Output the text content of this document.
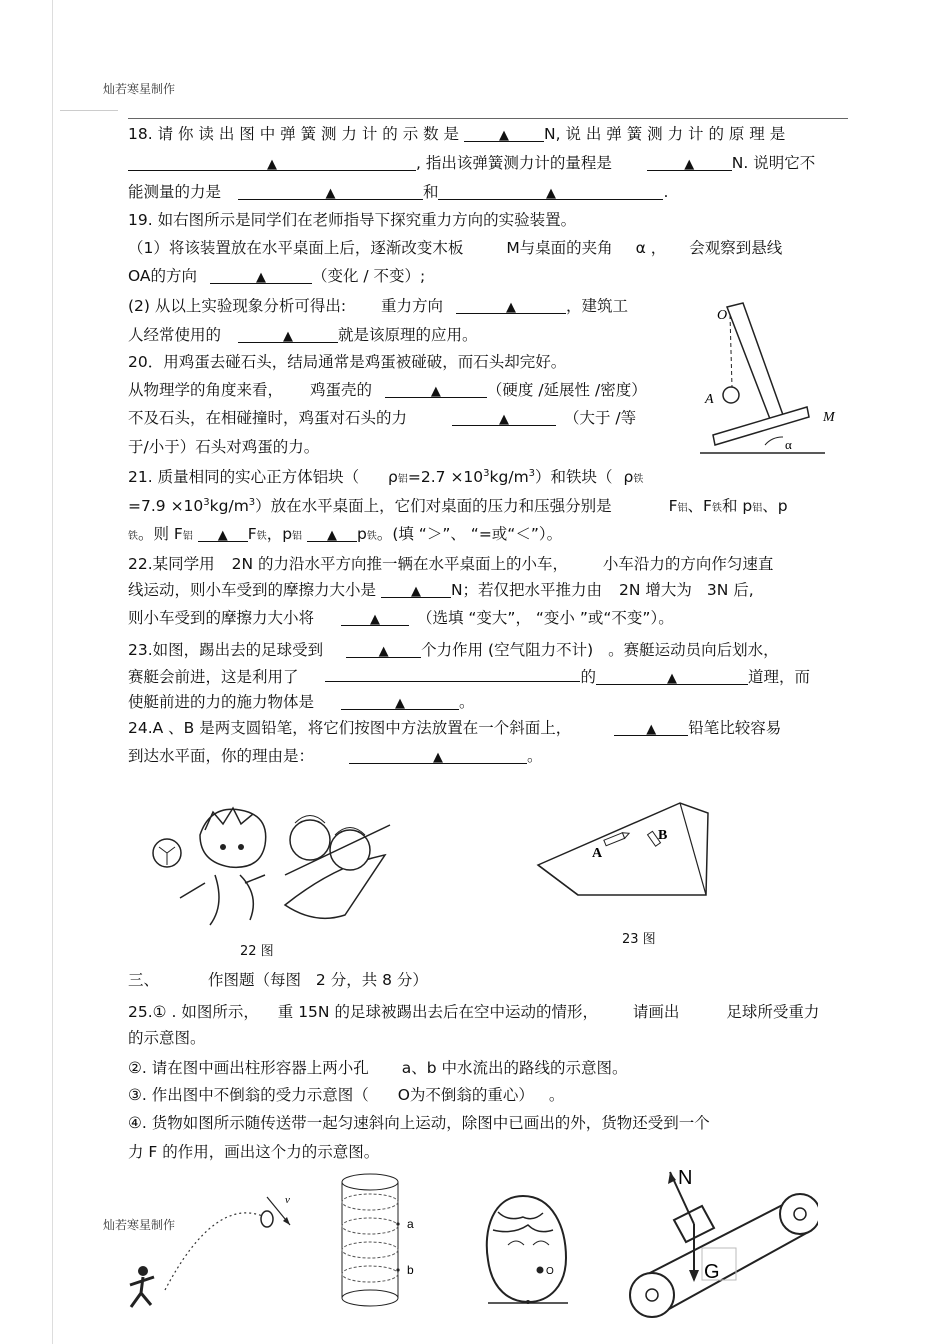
灿若寒星制作
18. 请 你 读 出 图 中 弹 簧 测 力 计 的 示 数 是	▲ N, 说 出 弹 簧 测 力 计 的 原 理 是
▲	, 指出该弹簧测力计的量程是	▲ N. 说明它不
能测量的力是	▲	和	▲	.
19. 如右图所示是同学们在老师指导下探究重力方向的实验装置。
（1）将该装置放在水平桌面上后，逐渐改变木板	M与桌面的夹角 α ， 会观察到悬线
OA的方向	▲	（变化 / 不变）;
(2) 从以上实验现象分析可得出: 重力方向	▲	，建筑工
人经常使用的	▲	就是该原理的应用。
O
A
M
α
20．用鸡蛋去碰石头，结局通常是鸡蛋被碰破，而石头却完好。
从物理学的角度来看， 鸡蛋壳的	▲	（硬度 /延展性 /密度）
不及石头，在相碰撞时，鸡蛋对石头的力	▲	（大于 /等
于/小于）石头对鸡蛋的力。
21. 质量相同的实心正方体铝块（ ρ铝$=2.7 \times 10^3kg/m^3$）和铁块（ ρ铁
$=7.9 \times 10^3kg/m^3$）放在水平桌面上，它们对桌面的压力和压强分别是	F铝、F铁和 p铝、p
铁。则 F铝 ▲ F铁，p铝 ▲ p铁。(填 “＞”、 “=或“＜”）。
22.某同学用 2N 的力沿水平方向推一辆在水平桌面上的小车， 小车沿力的方向作匀速直
线运动，则小车受到的摩擦力大小是	▲ N；若仅把水平推力由 2N 增大为 3N 后,
则小车受到的摩擦力大小将	▲ （选填 “变大”， “变小 ”或“不变”）。
23.如图，踢出去的足球受到	▲ 个力作用 (空气阻力不计) 。赛艇运动员向后划水，
赛艇会前进，这是利用了	的	▲	道理，而
使艇前进的力的施力物体是	▲	。
24.A 、B 是两支圆铅笔，将它们按图中方法放置在一个斜面上，	▲ 铅笔比较容易
到达水平面，你的理由是：	▲	。
22 图
A
B
23 图
三、	作图题（每图 2 分，共 8 分）
25.① . 如图所示， 重 15N 的足球被踢出去后在空中运动的情形， 请画出	足球所受重力
的示意图。
②. 请在图中画出柱形容器上两小孔 a、b 中水流出的路线的示意图。
③. 作出图中不倒翁的受力示意图（ O为不倒翁的重心） 。
④. 货物如图所示随传送带一起匀速斜向上运动，除图中已画出的外，货物还受到一个
力 F 的作用，画出这个力的示意图。
灿若寒星制作
v
a
b	O
N
G
